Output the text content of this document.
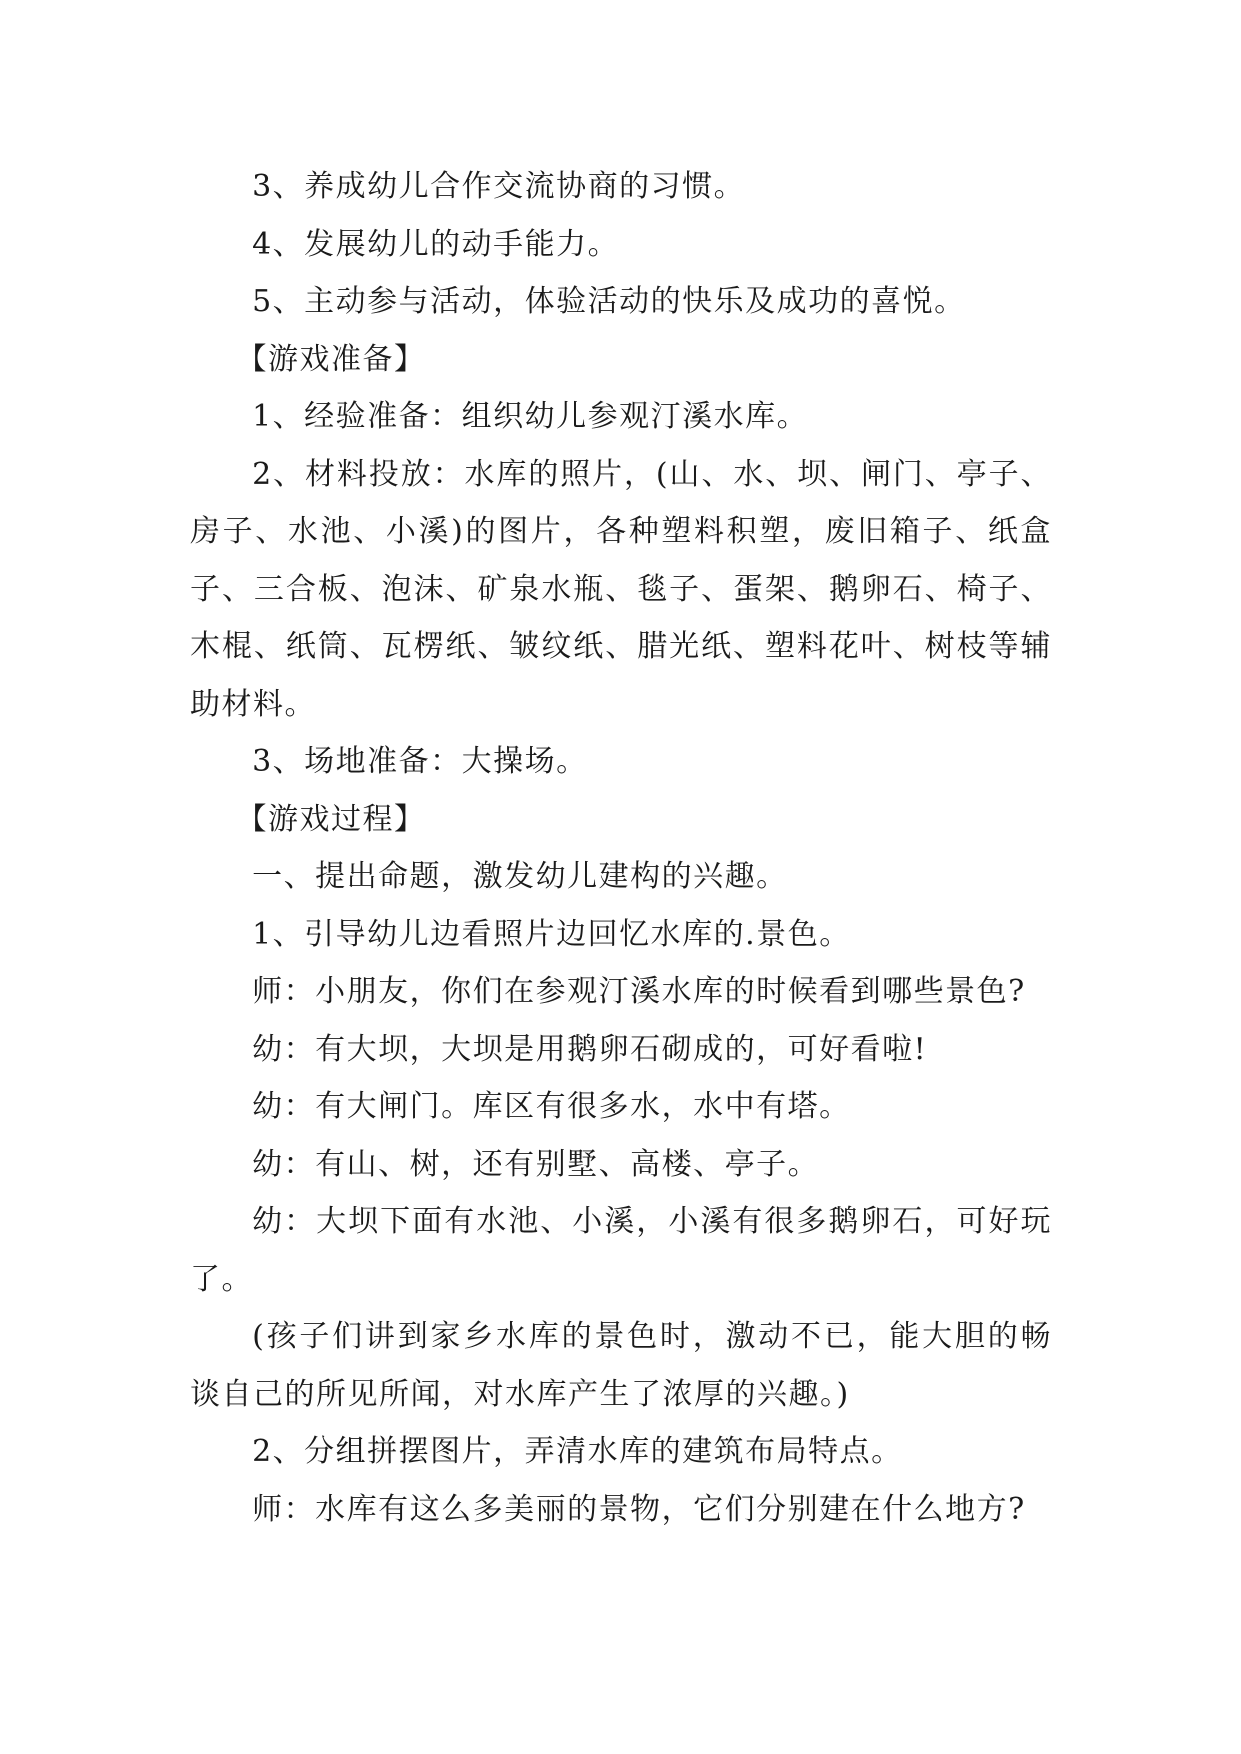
3、养成幼儿合作交流协商的习惯。

4、发展幼儿的动手能力。

5、主动参与活动，体验活动的快乐及成功的喜悦。

【游戏准备】

1、经验准备：组织幼儿参观汀溪水库。

2、材料投放：水库的照片，(山、水、坝、闸门、亭子、房子、水池、小溪)的图片，各种塑料积塑，废旧箱子、纸盒子、三合板、泡沫、矿泉水瓶、毯子、蛋架、鹅卵石、椅子、木棍、纸筒、瓦楞纸、皱纹纸、腊光纸、塑料花叶、树枝等辅助材料。

3、场地准备：大操场。

【游戏过程】

一、提出命题，激发幼儿建构的兴趣。

1、引导幼儿边看照片边回忆水库的.景色。

师：小朋友，你们在参观汀溪水库的时候看到哪些景色?

幼：有大坝，大坝是用鹅卵石砌成的，可好看啦!

幼：有大闸门。库区有很多水，水中有塔。

幼：有山、树，还有别墅、高楼、亭子。

幼：大坝下面有水池、小溪，小溪有很多鹅卵石，可好玩了。

(孩子们讲到家乡水库的景色时，激动不已，能大胆的畅谈自己的所见所闻，对水库产生了浓厚的兴趣。)

2、分组拼摆图片，弄清水库的建筑布局特点。

师：水库有这么多美丽的景物，它们分别建在什么地方?
